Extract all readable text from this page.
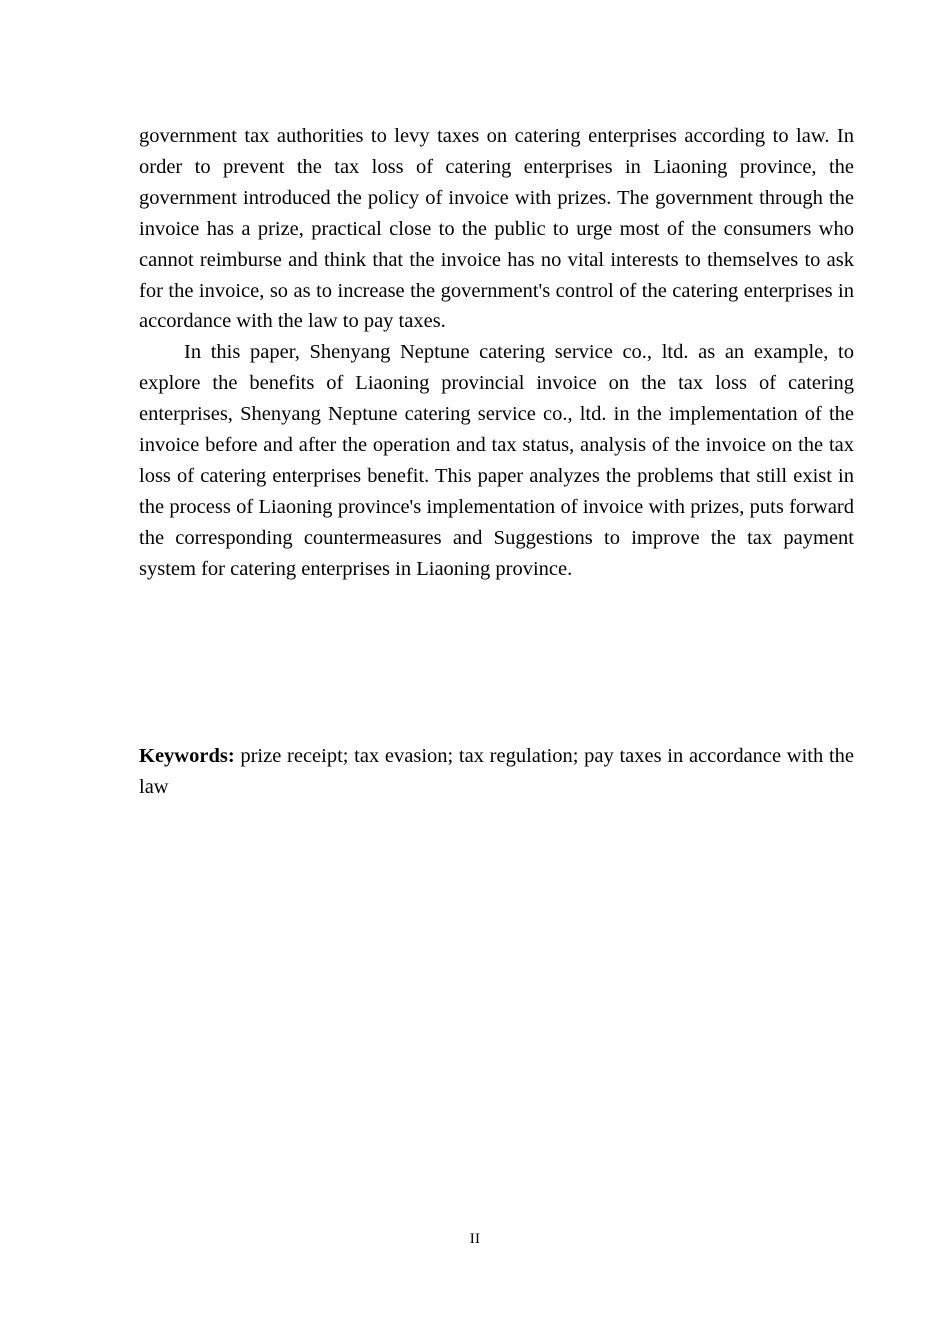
government tax authorities to levy taxes on catering enterprises according to law. In order to prevent the tax loss of catering enterprises in Liaoning province, the government introduced the policy of invoice with prizes. The government through the invoice has a prize, practical close to the public to urge most of the consumers who cannot reimburse and think that the invoice has no vital interests to themselves to ask for the invoice, so as to increase the government's control of the catering enterprises in accordance with the law to pay taxes.

In this paper, Shenyang Neptune catering service co., ltd. as an example, to explore the benefits of Liaoning provincial invoice on the tax loss of catering enterprises, Shenyang Neptune catering service co., ltd. in the implementation of the invoice before and after the operation and tax status, analysis of the invoice on the tax loss of catering enterprises benefit. This paper analyzes the problems that still exist in the process of Liaoning province's implementation of invoice with prizes, puts forward the corresponding countermeasures and Suggestions to improve the tax payment system for catering enterprises in Liaoning province.

Keywords: prize receipt; tax evasion; tax regulation; pay taxes in accordance with the law

II
